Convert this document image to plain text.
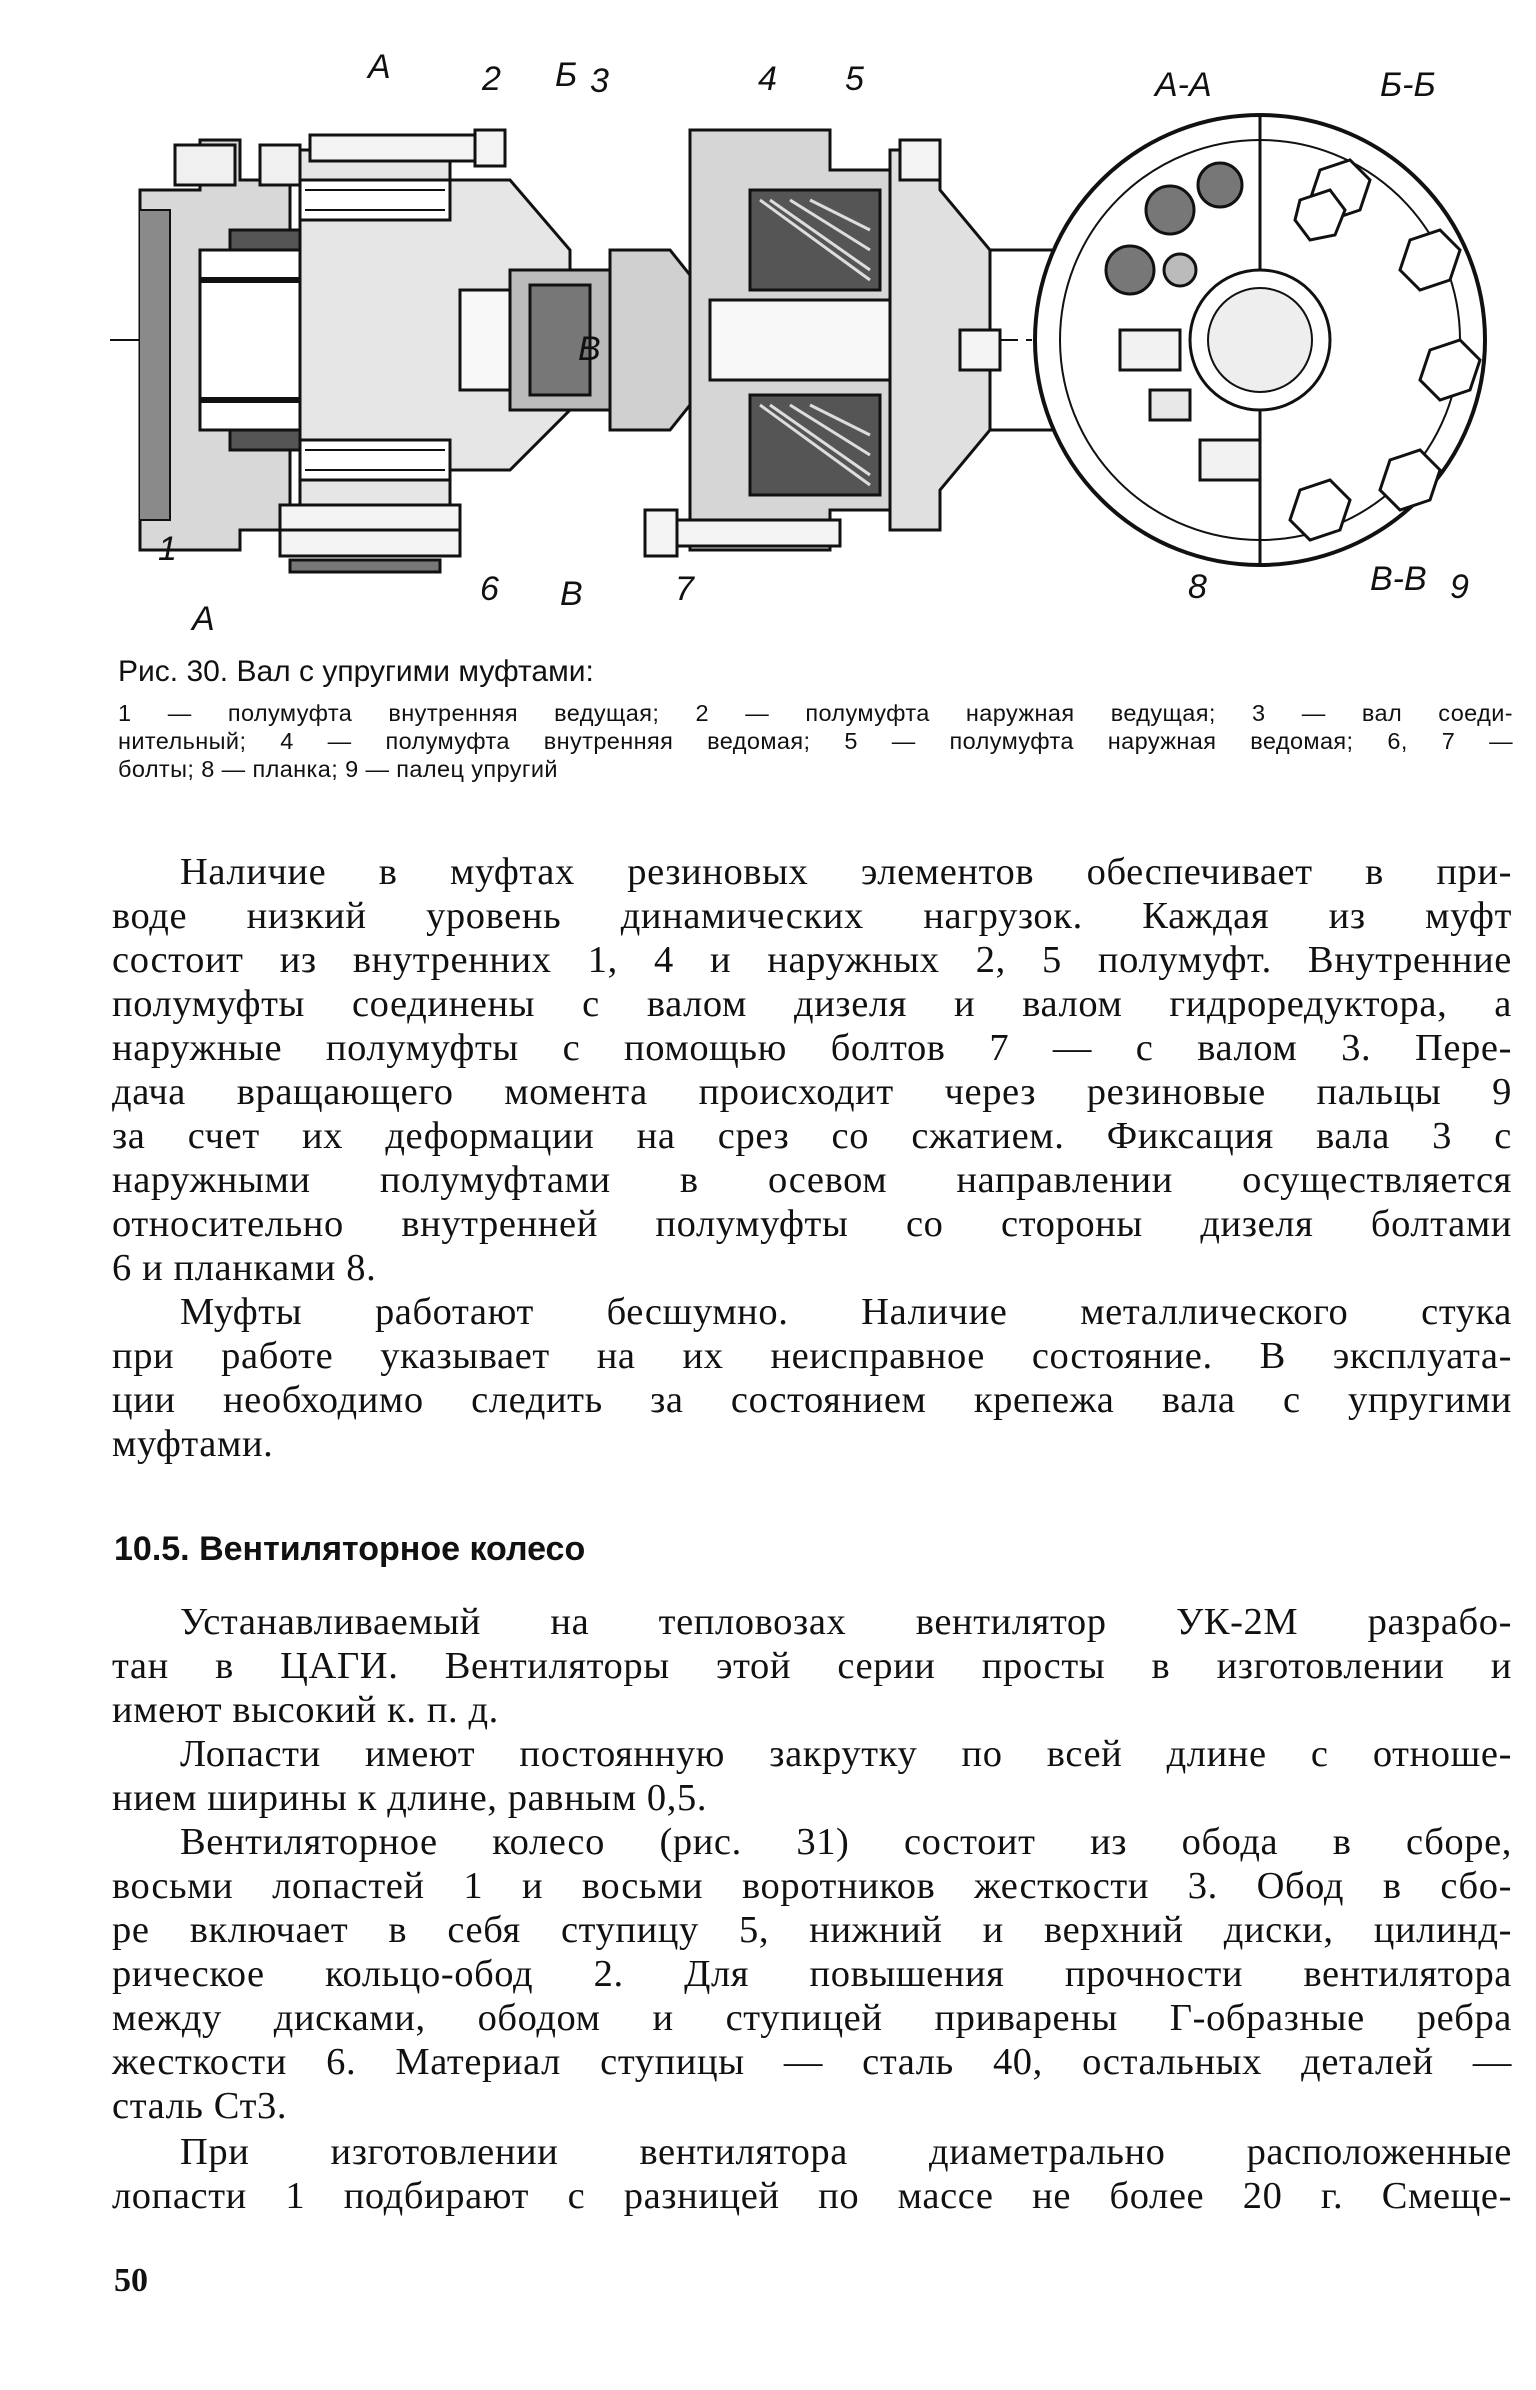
А	2 Б 3	4 5	А-А	Б-Б
1
А
6 В	7
В
8	В-В 9
Рис. 30. Вал с упругими муфтами:
1 — полумуфта внутренняя ведущая; 2 — полумуфта наружная ведущая; 3 — вал соеди-
нительный; 4 — полумуфта внутренняя ведомая; 5 — полумуфта наружная ведомая; 6, 7 —
болты; 8 — планка; 9 — палец упругий
Наличие в муфтах резиновых элементов обеспечивает в при-
воде низкий уровень динамических нагрузок. Каждая из муфт
состоит из внутренних 1, 4 и наружных 2, 5 полумуфт. Внутренние
полумуфты соединены с валом дизеля и валом гидроредуктора, а
наружные полумуфты с помощью болтов 7 — с валом 3. Пере-
дача вращающего момента происходит через резиновые пальцы 9
за счет их деформации на срез со сжатием. Фиксация вала 3 с
наружными полумуфтами в осевом направлении осуществляется
относительно внутренней полумуфты со стороны дизеля болтами
6 и планками 8.
Муфты работают бесшумно. Наличие металлического стука
при работе указывает на их неисправное состояние. В эксплуата-
ции необходимо следить за состоянием крепежа вала с упругими
муфтами.
10.5. Вентиляторное колесо
Устанавливаемый на тепловозах вентилятор УК-2М разрабо-
тан в ЦАГИ. Вентиляторы этой серии просты в изготовлении и
имеют высокий к. п. д.
Лопасти имеют постоянную закрутку по всей длине с отноше-
нием ширины к длине, равным 0,5.
Вентиляторное колесо (рис. 31) состоит из обода в сборе,
восьми лопастей 1 и восьми воротников жесткости 3. Обод в сбо-
ре включает в себя ступицу 5, нижний и верхний диски, цилинд-
рическое кольцо-обод 2. Для повышения прочности вентилятора
между дисками, ободом и ступицей приварены Г-образные ребра
жесткости 6. Материал ступицы — сталь 40, остальных деталей —
сталь Ст3.
При изготовлении вентилятора диаметрально расположенные
лопасти 1 подбирают с разницей по массе не более 20 г. Смеще-
50
